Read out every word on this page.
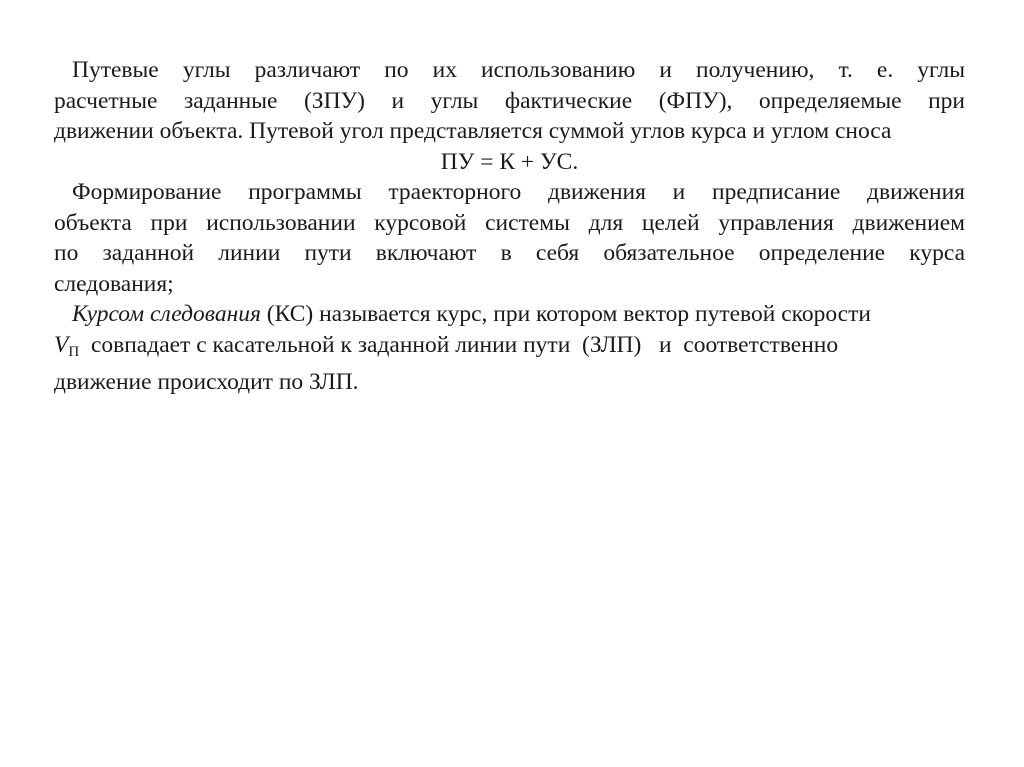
Путевые углы различают по их использованию и получению, т. е. углы
расчетные заданные (ЗПУ) и углы фактические (ФПУ), определяемые при
движении объекта. Путевой угол представляется суммой углов курса и углом сноса
ПУ = К + УС.
Формирование программы траекторного движения и предписание движения
объекта при использовании курсовой системы для целей управления движением
по заданной линии пути включают в себя обязательное определение курса
следования;
Курсом следования (КС) называется курс, при котором вектор путевой скорости
$V_П$  совпадает с касательной к заданной линии пути  (ЗЛП)   и  соответственно
движение происходит по ЗЛП.
